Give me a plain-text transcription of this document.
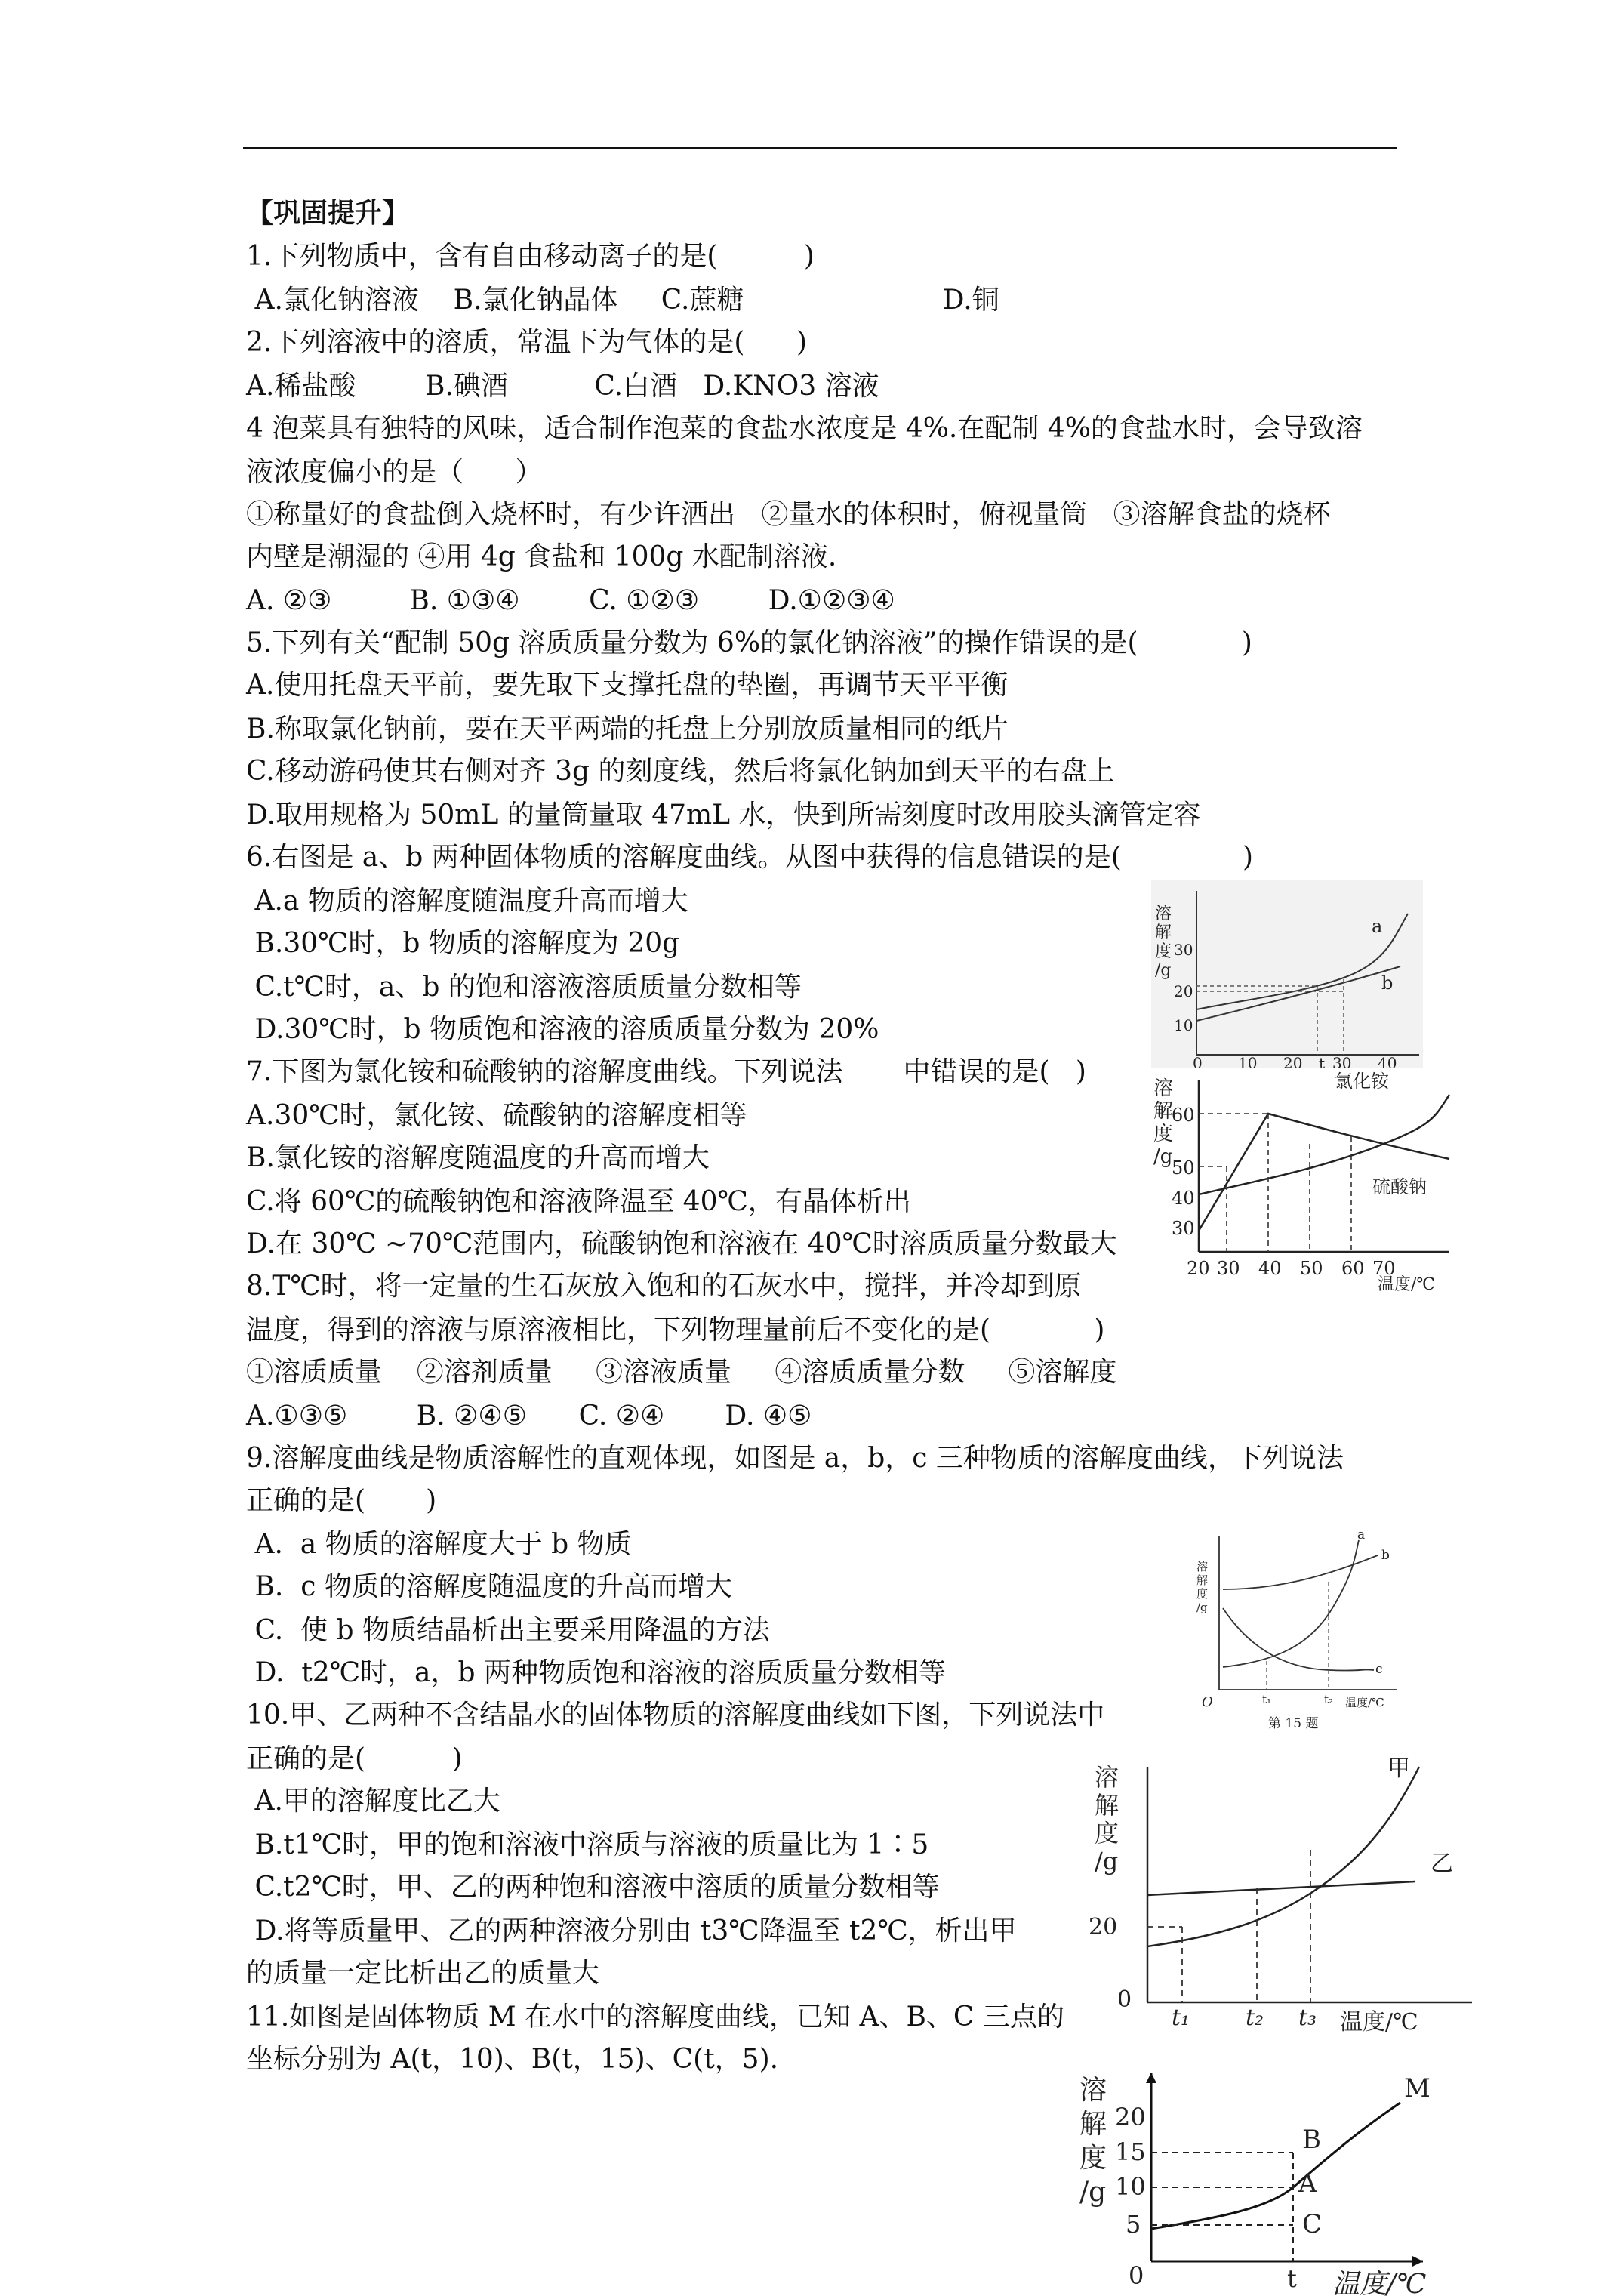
【巩固提升】
1.下列物质中，含有自由移动离子的是(          )
A.氯化钠溶液    B.氯化钠晶体     C.蔗糖                       D.铜
2.下列溶液中的溶质，常温下为气体的是(      )
A.稀盐酸        B.碘酒          C.白酒   D.KNO3 溶液
4 泡菜具有独特的风味，适合制作泡菜的食盐水浓度是 4%.在配制 4%的食盐水时，会导致溶
液浓度偏小的是（      ）
①称量好的食盐倒入烧杯时，有少许洒出   ②量水的体积时，俯视量筒   ③溶解食盐的烧杯
内壁是潮湿的 ④用 4g 食盐和 100g 水配制溶液.
A. ②③         B. ①③④        C. ①②③        D.①②③④
5.下列有关“配制 50g 溶质质量分数为 6%的氯化钠溶液”的操作错误的是(            )
A.使用托盘天平前，要先取下支撑托盘的垫圈，再调节天平平衡
B.称取氯化钠前，要在天平两端的托盘上分别放质量相同的纸片
C.移动游码使其右侧对齐 3g 的刻度线，然后将氯化钠加到天平的右盘上
D.取用规格为 50mL 的量筒量取 47mL 水，快到所需刻度时改用胶头滴管定容
6.右图是 a、b 两种固体物质的溶解度曲线。从图中获得的信息错误的是(              )
A.a 物质的溶解度随温度升高而增大
B.30℃时，b 物质的溶解度为 20g
C.t℃时，a、b 的饱和溶液溶质质量分数相等
D.30℃时，b 物质饱和溶液的溶质质量分数为 20%
7.下图为氯化铵和硫酸钠的溶解度曲线。下列说法       中错误的是(   )
A.30℃时，氯化铵、硫酸钠的溶解度相等
B.氯化铵的溶解度随温度的升高而增大
C.将 60℃的硫酸钠饱和溶液降温至 40℃，有晶体析出
D.在 30℃ ~70℃范围内，硫酸钠饱和溶液在 40℃时溶质质量分数最大
8.T℃时，将一定量的生石灰放入饱和的石灰水中，搅拌，并冷却到原
温度，得到的溶液与原溶液相比，下列物理量前后不变化的是(            )
①溶质质量    ②溶剂质量     ③溶液质量     ④溶质质量分数     ⑤溶解度
A.①③⑤        B. ②④⑤      C. ②④       D. ④⑤
9.溶解度曲线是物质溶解性的直观体现，如图是 a，b，c 三种物质的溶解度曲线，下列说法
正确的是(       )
A.  a 物质的溶解度大于 b 物质
B.  c 物质的溶解度随温度的升高而增大
C.  使 b 物质结晶析出主要采用降温的方法
D.  t2℃时，a，b 两种物质饱和溶液的溶质质量分数相等
10.甲、乙两种不含结晶水的固体物质的溶解度曲线如下图，下列说法中
正确的是(          )
A.甲的溶解度比乙大
B.t1℃时，甲的饱和溶液中溶质与溶液的质量比为 1∶5
C.t2℃时，甲、乙的两种饱和溶液中溶质的质量分数相等
D.将等质量甲、乙的两种溶液分别由 t3℃降温至 t2℃，析出甲
的质量一定比析出乙的质量大
11.如图是固体物质 M 在水中的溶解度曲线，已知 A、B、C 三点的
坐标分别为 A(t，10)、B(t，15)、C(t，5).
溶
解
度
/g
10
20
30
0 10 20 t 30 40
a
b
溶
解
度
/g
30
40
50
60
20 30 40 50 60 70
温度/℃
氯化铵
硫酸钠
溶
解
度
/g
O	t₁	t₂ 温度/℃
a
b
c
第 15 题
溶
解
度
/g
20
0
t₁ t₂ t₃ 温度/℃
甲
乙
溶
解
度
/g
5
10
15
20
0	t 温度/℃
M
A
B
C
